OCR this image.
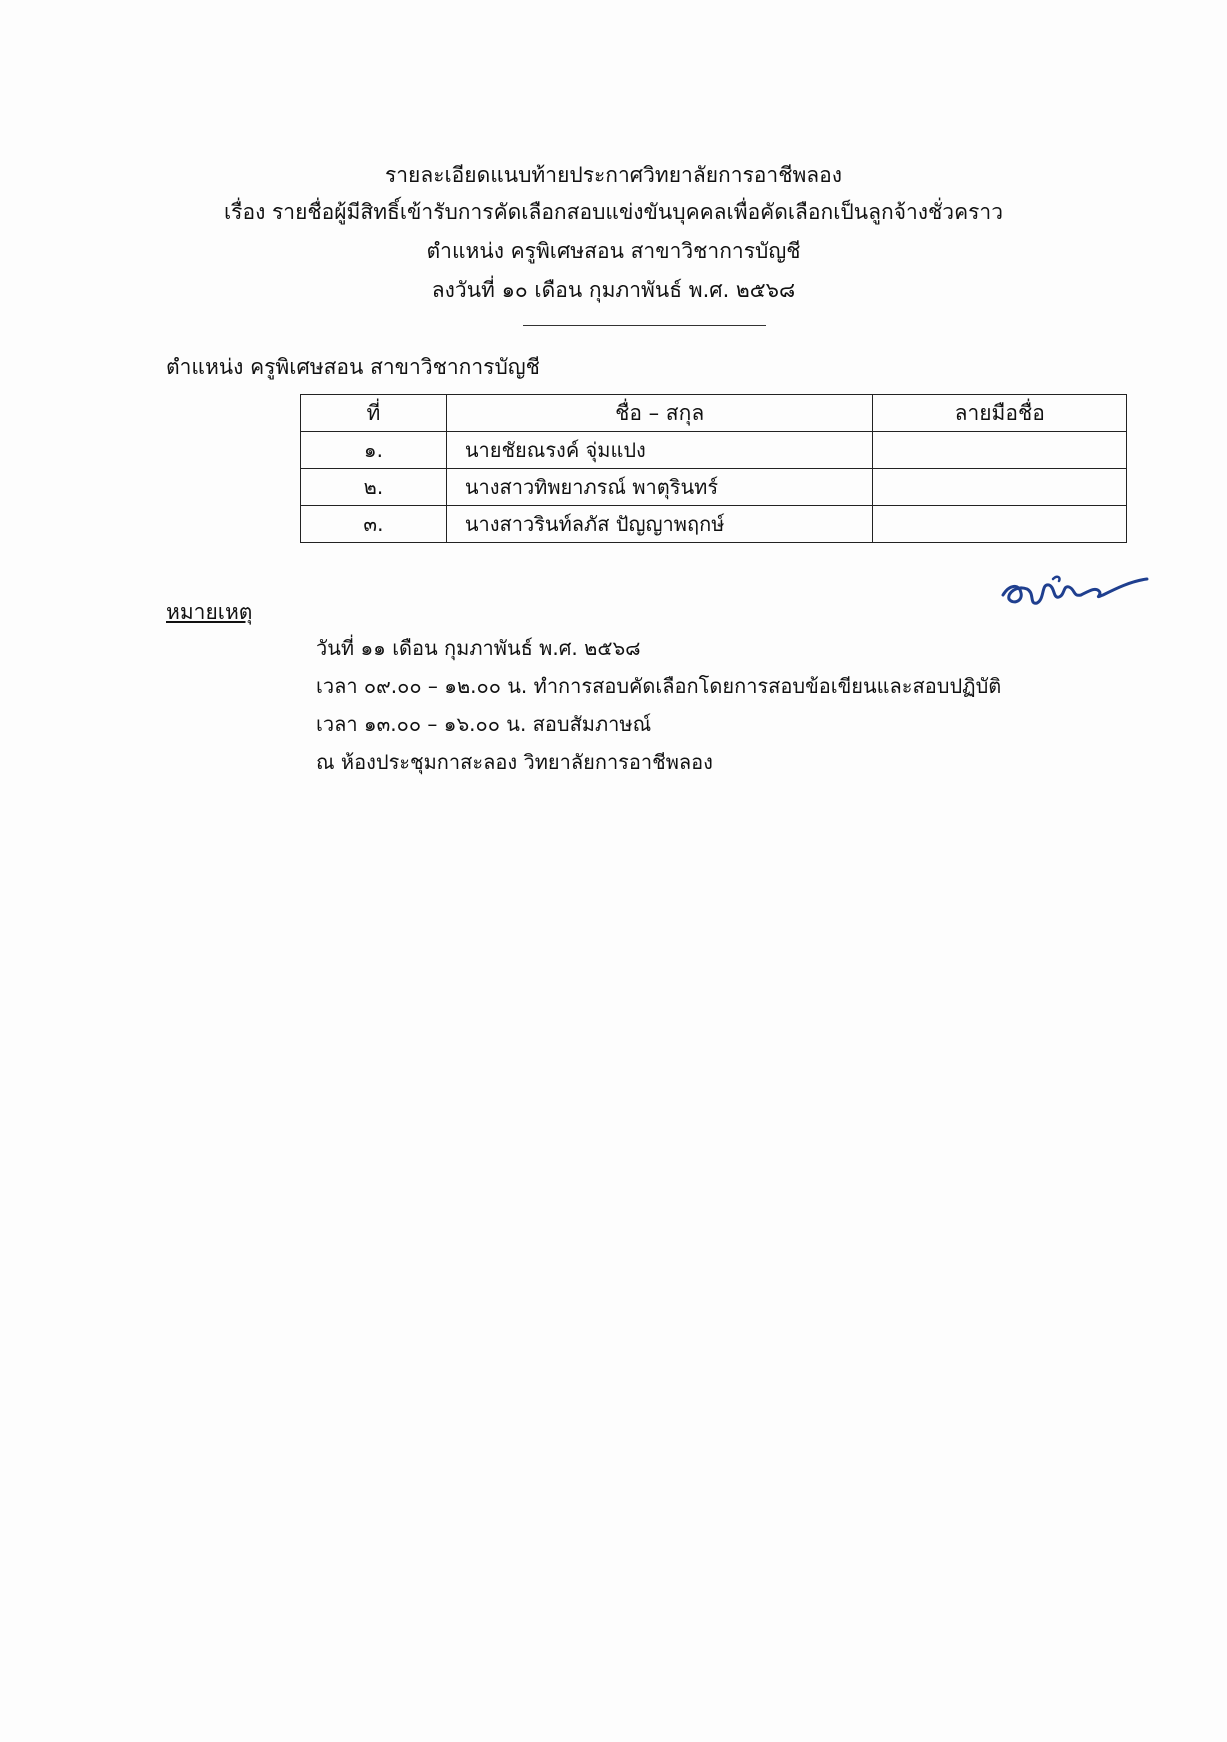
รายละเอียดแนบท้ายประกาศวิทยาลัยการอาชีพลอง
เรื่อง รายชื่อผู้มีสิทธิ์เข้ารับการคัดเลือกสอบแข่งขันบุคคลเพื่อคัดเลือกเป็นลูกจ้างชั่วคราว
ตำแหน่ง ครูพิเศษสอน สาขาวิชาการบัญชี
ลงวันที่ ๑๐ เดือน กุมภาพันธ์ พ.ศ. ๒๕๖๘
ตำแหน่ง ครูพิเศษสอน สาขาวิชาการบัญชี
ที่	ชื่อ – สกุล	ลายมือชื่อ
๑.	นายชัยณรงค์ จุ่มแปง	
๒.	นางสาวทิพยาภรณ์ พาตุรินทร์	
๓.	นางสาวรินท์ลภัส ปัญญาพฤกษ์	
หมายเหตุ
วันที่ ๑๑ เดือน กุมภาพันธ์ พ.ศ. ๒๕๖๘
เวลา ๐๙.๐๐ – ๑๒.๐๐ น. ทำการสอบคัดเลือกโดยการสอบข้อเขียนและสอบปฏิบัติ
เวลา ๑๓.๐๐ – ๑๖.๐๐ น. สอบสัมภาษณ์
ณ ห้องประชุมกาสะลอง วิทยาลัยการอาชีพลอง
